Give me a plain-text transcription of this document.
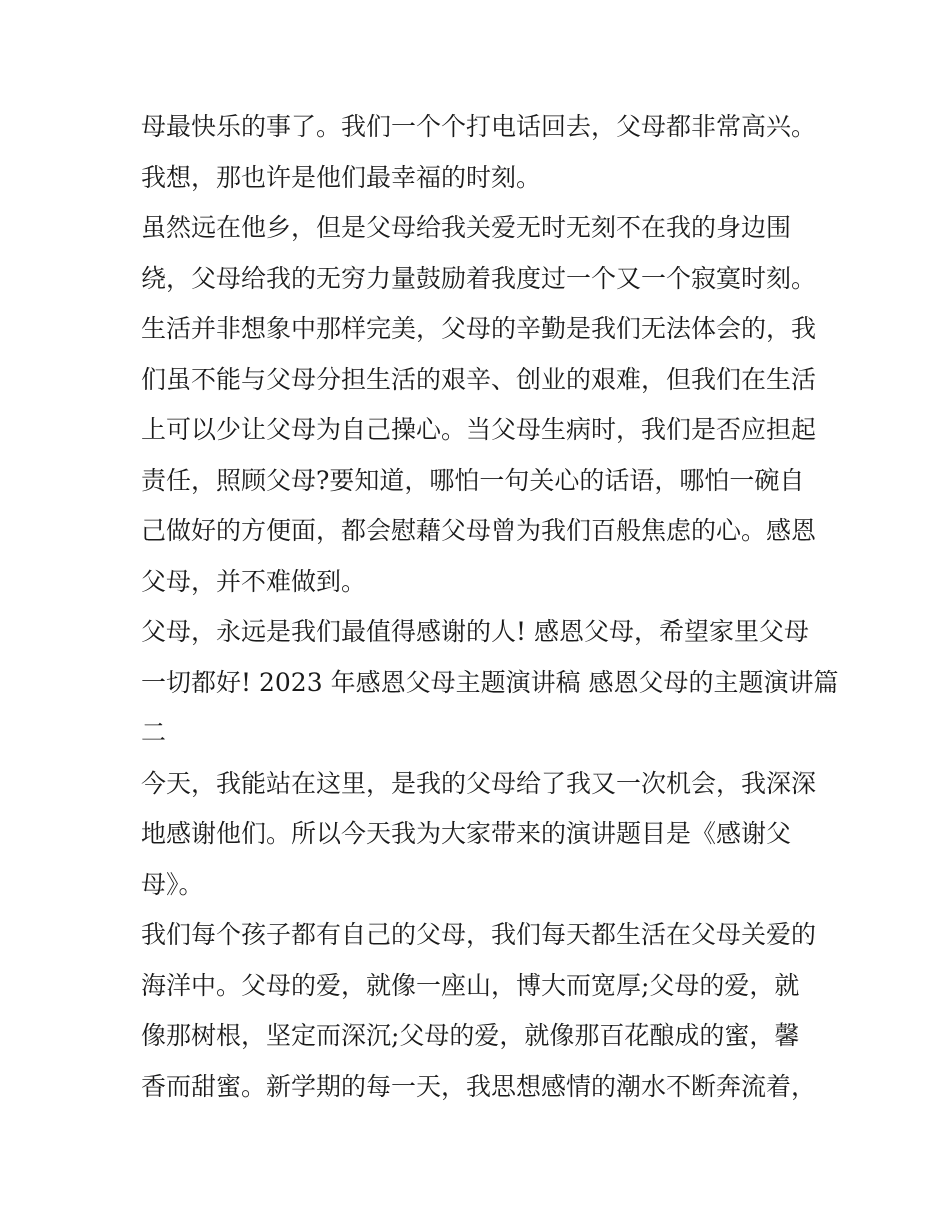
母最快乐的事了。我们一个个打电话回去，父母都非常高兴。
我想，那也许是他们最幸福的时刻。
虽然远在他乡，但是父母给我关爱无时无刻不在我的身边围
绕，父母给我的无穷力量鼓励着我度过一个又一个寂寞时刻。
生活并非想象中那样完美，父母的辛勤是我们无法体会的，我
们虽不能与父母分担生活的艰辛、创业的艰难，但我们在生活
上可以少让父母为自己操心。当父母生病时，我们是否应担起
责任，照顾父母?要知道，哪怕一句关心的话语，哪怕一碗自
己做好的方便面，都会慰藉父母曾为我们百般焦虑的心。感恩
父母，并不难做到。
父母，永远是我们最值得感谢的人! 感恩父母，希望家里父母
一切都好! 2023 年感恩父母主题演讲稿 感恩父母的主题演讲篇
二
今天，我能站在这里，是我的父母给了我又一次机会，我深深
地感谢他们。所以今天我为大家带来的演讲题目是《感谢父
母》。
我们每个孩子都有自己的父母，我们每天都生活在父母关爱的
海洋中。父母的爱，就像一座山，博大而宽厚;父母的爱，就
像那树根，坚定而深沉;父母的爱，就像那百花酿成的蜜，馨
香而甜蜜。新学期的每一天，我思想感情的潮水不断奔流着，
